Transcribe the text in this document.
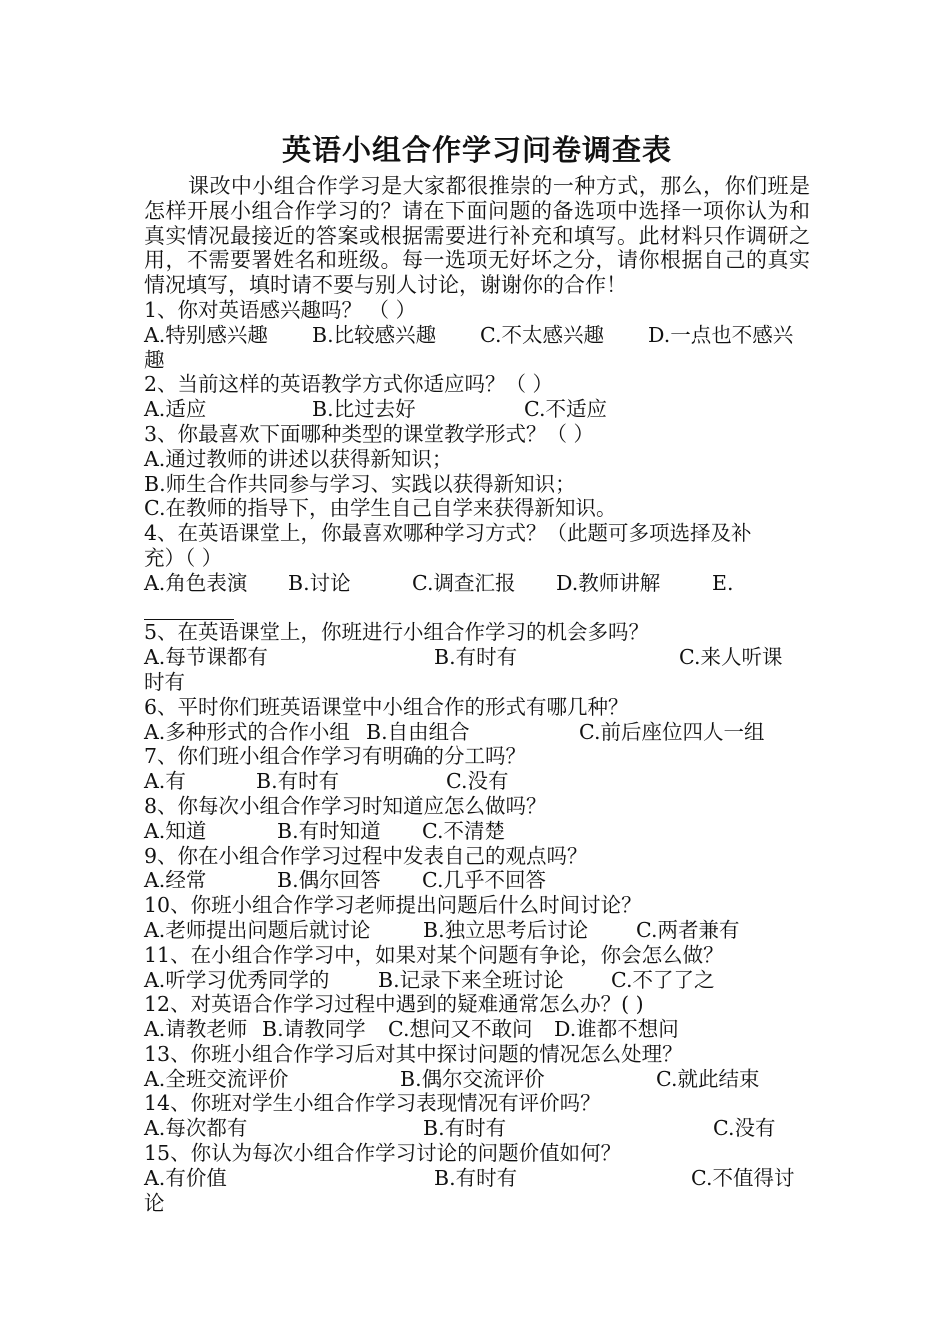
英语小组合作学习问卷调查表

课改中小组合作学习是大家都很推崇的一种方式，那么，你们班是怎样开展小组合作学习的？请在下面问题的备选项中选择一项你认为和真实情况最接近的答案或根据需要进行补充和填写。此材料只作调研之用，不需要署姓名和班级。每一选项无好坏之分，请你根据自己的真实情况填写，填时请不要与别人讨论，谢谢你的合作！

1、你对英语感兴趣吗？ （ ）
A.特别感兴趣	B.比较感兴趣	C.不太感兴趣	D.一点也不感兴
趣
2、当前这样的英语教学方式你适应吗？（ ）
A.适应	B.比过去好	C.不适应
3、你最喜欢下面哪种类型的课堂教学形式？（ ）
A.通过教师的讲述以获得新知识；
B.师生合作共同参与学习、实践以获得新知识；
C.在教师的指导下，由学生自己自学来获得新知识。
4、在英语课堂上，你最喜欢哪种学习方式？（此题可多项选择及补
充）（ ）
A.角色表演	B.讨论	C.调查汇报	D.教师讲解	E.
5、在英语课堂上，你班进行小组合作学习的机会多吗？
A.每节课都有	B.有时有	C.来人听课
时有
6、平时你们班英语课堂中小组合作的形式有哪几种？
A.多种形式的合作小组 B.自由组合	C.前后座位四人一组
7、你们班小组合作学习有明确的分工吗？
A.有	B.有时有	C.没有
8、你每次小组合作学习时知道应怎么做吗？
A.知道	B.有时知道	C.不清楚
9、你在小组合作学习过程中发表自己的观点吗？
A.经常	B.偶尔回答	C.几乎不回答
10、你班小组合作学习老师提出问题后什么时间讨论？
A.老师提出问题后就讨论	B.独立思考后讨论	C.两者兼有
11、在小组合作学习中，如果对某个问题有争论，你会怎么做？
A.听学习优秀同学的	B.记录下来全班讨论	C.不了了之
12、对英语合作学习过程中遇到的疑难通常怎么办？( )
A.请教老师 B.请教同学	C.想问又不敢问	D.谁都不想问
13、你班小组合作学习后对其中探讨问题的情况怎么处理？
A.全班交流评价	B.偶尔交流评价	C.就此结束
14、你班对学生小组合作学习表现情况有评价吗？
A.每次都有	B.有时有	C.没有
15、你认为每次小组合作学习讨论的问题价值如何？
A.有价值	B.有时有	C.不值得讨
论
